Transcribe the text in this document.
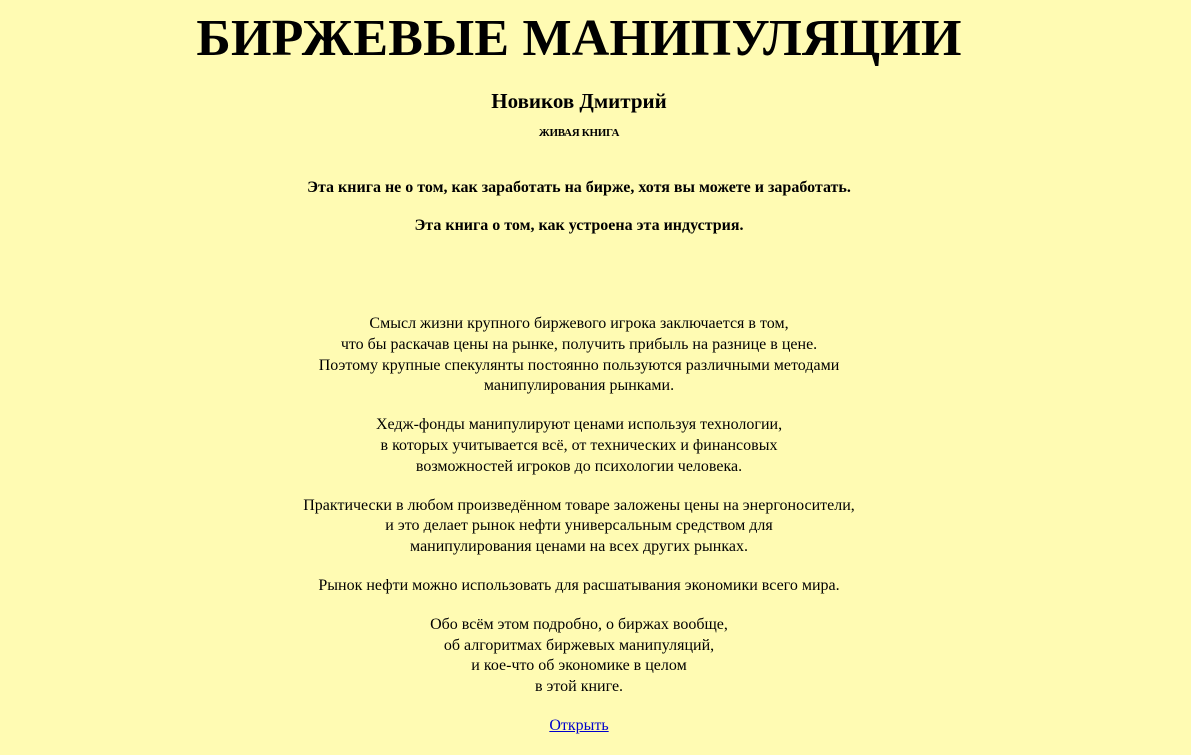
БИРЖЕВЫЕ МАНИПУЛЯЦИИ
Новиков Дмитрий
ЖИВАЯ КНИГА

Эта книга не о том, как заработать на бирже, хотя вы можете и заработать.

Эта книга о том, как устроена эта индустрия.

Смысл жизни крупного биржевого игрока заключается в том,
что бы раскачав цены на рынке, получить прибыль на разнице в цене.
Поэтому крупные спекулянты постоянно пользуются различными методами
манипулирования рынками.

Хедж-фонды манипулируют ценами используя технологии,
в которых учитывается всё, от технических и финансовых
возможностей игроков до психологии человека.

Практически в любом произведённом товаре заложены цены на энергоносители,
и это делает рынок нефти универсальным средством для
манипулирования ценами на всех других рынках.

Рынок нефти можно использовать для расшатывания экономики всего мира.

Обо всём этом подробно, о биржах вообще,
об алгоритмах биржевых манипуляций,
и кое-что об экономике в целом
в этой книге.

Открыть
